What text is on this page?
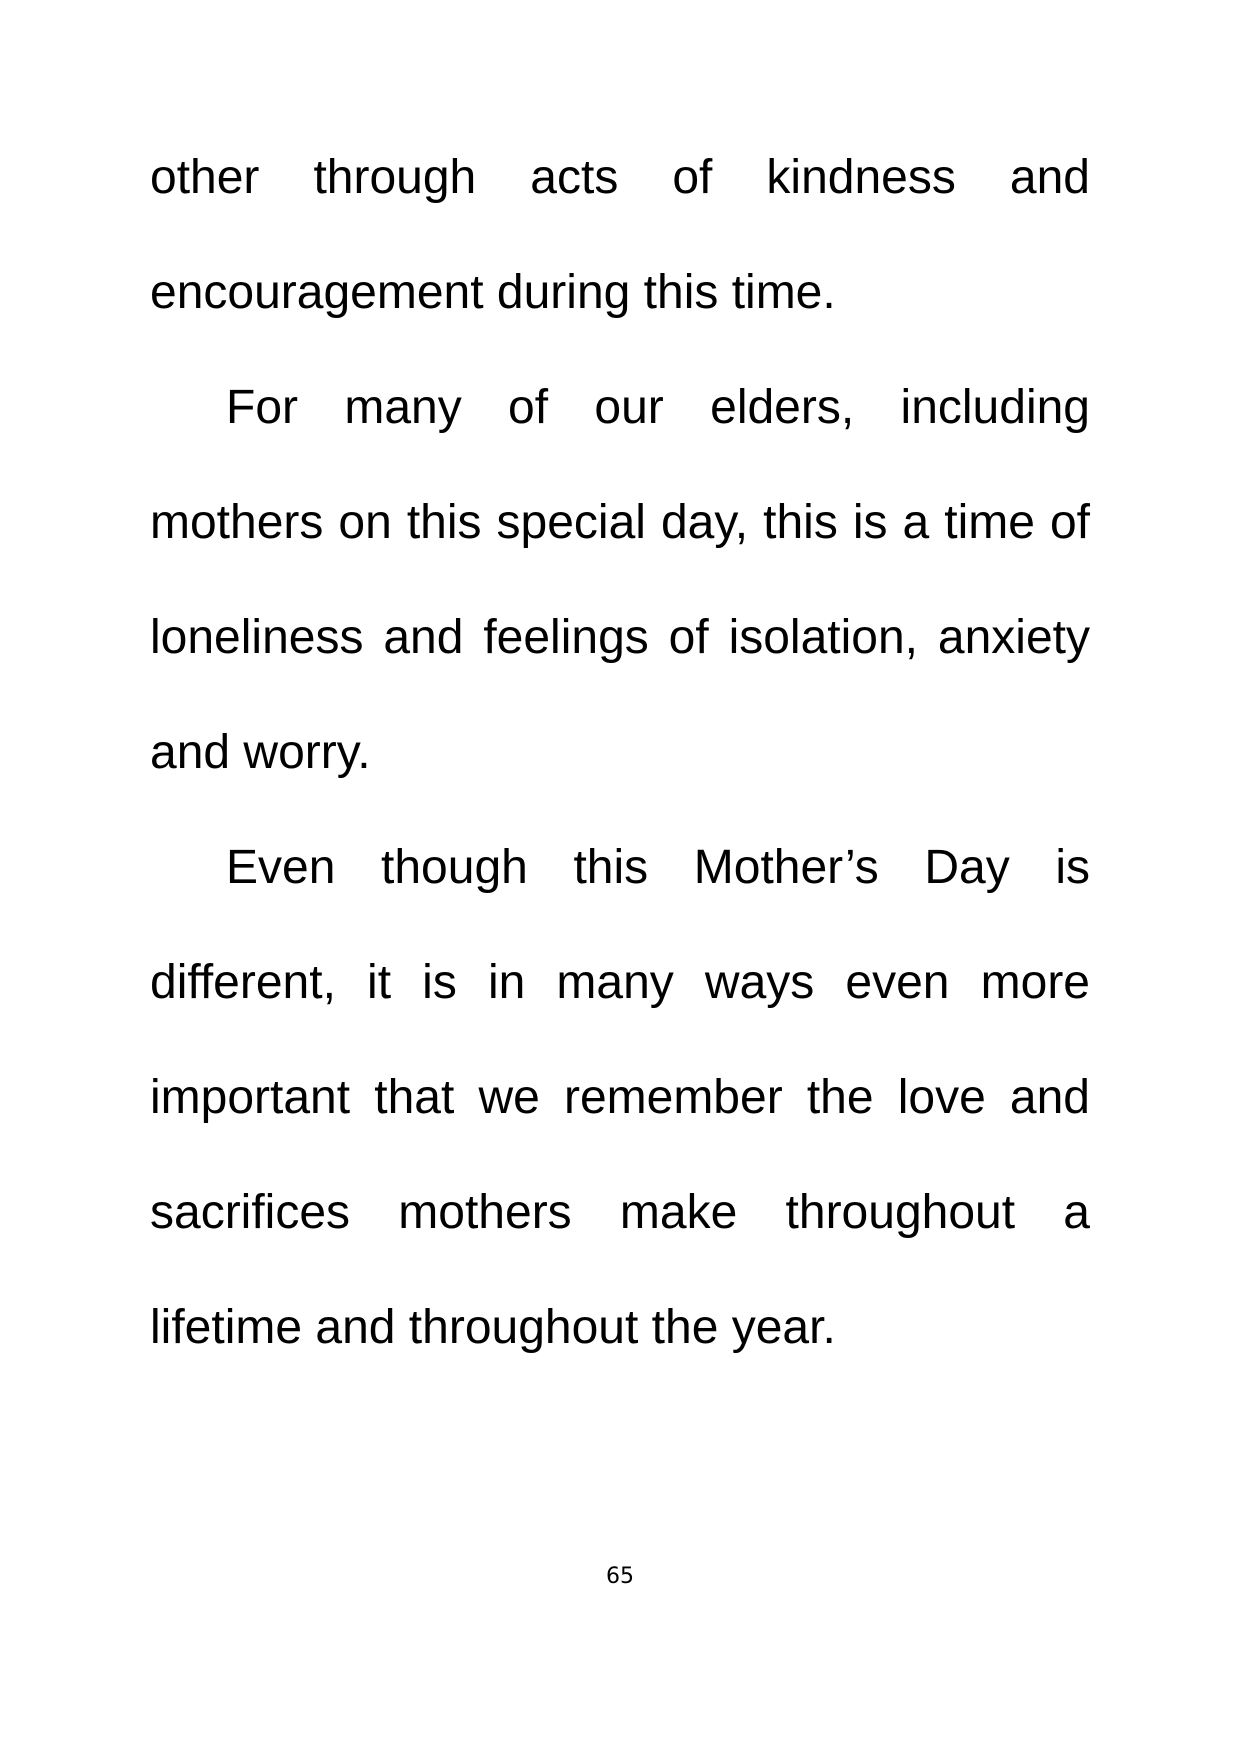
other through acts of kindness and encouragement during this time.

For many of our elders, including mothers on this special day, this is a time of loneliness and feelings of isolation, anxiety and worry.

Even though this Mother’s Day is different, it is in many ways even more important that we remember the love and sacrifices mothers make throughout a lifetime and throughout the year.

65
